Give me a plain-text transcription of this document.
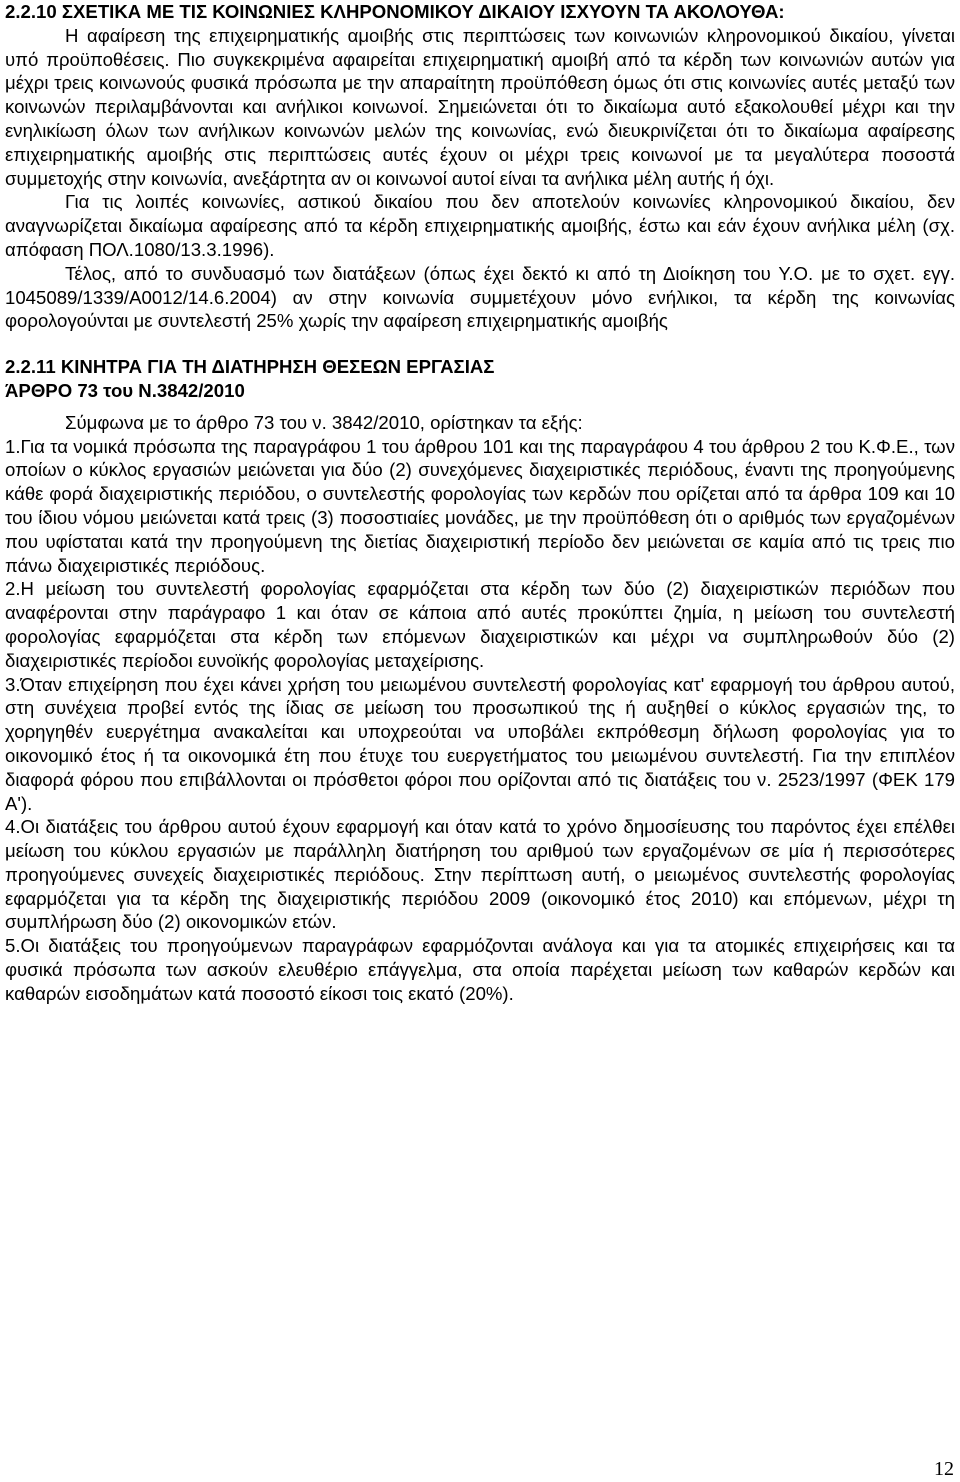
2.2.10 ΣΧΕΤΙΚΑ ΜΕ ΤΙΣ ΚΟΙΝΩΝΙΕΣ ΚΛΗΡΟΝΟΜΙΚΟΥ ΔΙΚΑΙΟΥ ΙΣΧΥΟΥΝ ΤΑ ΑΚΟΛΟΥΘΑ:

Η αφαίρεση της επιχειρηματικής αμοιβής στις περιπτώσεις των κοινωνιών κληρονομικού δικαίου, γίνεται υπό προϋποθέσεις. Πιο συγκεκριμένα αφαιρείται επιχειρηματική αμοιβή από τα κέρδη των κοινωνιών αυτών για μέχρι τρεις κοινωνούς φυσικά πρόσωπα με την απαραίτητη προϋπόθεση όμως ότι στις κοινωνίες αυτές μεταξύ των κοινωνών περιλαμβάνονται και ανήλικοι κοινωνοί. Σημειώνεται ότι το δικαίωμα αυτό εξακολουθεί μέχρι και την ενηλικίωση όλων των ανήλικων κοινωνών μελών της κοινωνίας, ενώ διευκρινίζεται ότι το δικαίωμα αφαίρεσης επιχειρηματικής αμοιβής στις περιπτώσεις αυτές έχουν οι μέχρι τρεις κοινωνοί με τα μεγαλύτερα ποσοστά συμμετοχής στην κοινωνία, ανεξάρτητα αν οι κοινωνοί αυτοί είναι τα ανήλικα μέλη αυτής ή όχι.

Για τις λοιπές κοινωνίες, αστικού δικαίου που δεν αποτελούν κοινωνίες κληρονομικού δικαίου, δεν αναγνωρίζεται δικαίωμα αφαίρεσης από τα κέρδη επιχειρηματικής αμοιβής, έστω και εάν έχουν ανήλικα μέλη (σχ. απόφαση ΠΟΛ.1080/13.3.1996).

Τέλος, από το συνδυασμό των διατάξεων (όπως έχει δεκτό κι από τη Διοίκηση του Υ.Ο. με το σχετ. εγγ. 1045089/1339/Α0012/14.6.2004) αν στην κοινωνία συμμετέχουν μόνο ενήλικοι, τα κέρδη της κοινωνίας φορολογούνται με συντελεστή 25% χωρίς την αφαίρεση επιχειρηματικής αμοιβής

2.2.11 ΚΙΝΗΤΡΑ ΓΙΑ ΤΗ ΔΙΑΤΗΡΗΣΗ ΘΕΣΕΩΝ ΕΡΓΑΣΙΑΣ

ΆΡΘΡΟ 73 του Ν.3842/2010

Σύμφωνα με το άρθρο 73 του ν. 3842/2010, ορίστηκαν τα εξής:

1.Για τα νομικά πρόσωπα της παραγράφου 1 του άρθρου 101 και της παραγράφου 4 του άρθρου 2 του Κ.Φ.Ε., των οποίων ο κύκλος εργασιών μειώνεται για δύο (2) συνεχόμενες διαχειριστικές περιόδους, έναντι της προηγούμενης κάθε φορά διαχειριστικής περιόδου, ο συντελεστής φορολογίας των κερδών που ορίζεται από τα άρθρα 109 και 10 του ίδιου νόμου μειώνεται κατά τρεις (3) ποσοστιαίες μονάδες, με την προϋπόθεση ότι ο αριθμός των εργαζομένων που υφίσταται κατά την προηγούμενη της διετίας διαχειριστική περίοδο δεν μειώνεται σε καμία από τις τρεις πιο πάνω διαχειριστικές περιόδους.

2.Η μείωση του συντελεστή φορολογίας εφαρμόζεται στα κέρδη των δύο (2) διαχειριστικών περιόδων που αναφέρονται στην παράγραφο 1 και όταν σε κάποια από αυτές προκύπτει ζημία, η μείωση του συντελεστή φορολογίας εφαρμόζεται στα κέρδη των επόμενων διαχειριστικών και μέχρι να συμπληρωθούν δύο (2) διαχειριστικές περίοδοι ευνοϊκής φορολογίας μεταχείρισης.

3.Όταν επιχείρηση που έχει κάνει χρήση του μειωμένου συντελεστή φορολογίας κατ' εφαρμογή του άρθρου αυτού, στη συνέχεια προβεί εντός της ίδιας σε μείωση του προσωπικού της ή αυξηθεί ο κύκλος εργασιών της, το χορηγηθέν ευεργέτημα ανακαλείται και υποχρεούται να υποβάλει εκπρόθεσμη δήλωση φορολογίας για το οικονομικό έτος ή τα οικονομικά έτη που έτυχε του ευεργετήματος του μειωμένου συντελεστή. Για την επιπλέον διαφορά φόρου που επιβάλλονται οι πρόσθετοι φόροι που ορίζονται από τις διατάξεις του ν. 2523/1997 (ΦΕΚ 179 Α').

4.Οι διατάξεις του άρθρου αυτού έχουν εφαρμογή και όταν κατά το χρόνο δημοσίευσης του παρόντος έχει επέλθει μείωση του κύκλου εργασιών με παράλληλη διατήρηση του αριθμού των εργαζομένων σε μία ή περισσότερες προηγούμενες συνεχείς διαχειριστικές περιόδους. Στην περίπτωση αυτή, ο μειωμένος συντελεστής φορολογίας εφαρμόζεται για τα κέρδη της διαχειριστικής περιόδου 2009 (οικονομικό έτος 2010) και επόμενων, μέχρι τη συμπλήρωση δύο (2) οικονομικών ετών.

5.Οι διατάξεις του προηγούμενων παραγράφων εφαρμόζονται ανάλογα και για τα ατομικές επιχειρήσεις και τα φυσικά πρόσωπα των ασκούν ελευθέριο επάγγελμα, στα οποία παρέχεται μείωση των καθαρών κερδών και καθαρών εισοδημάτων κατά ποσοστό είκοσι τοις εκατό (20%).

12
